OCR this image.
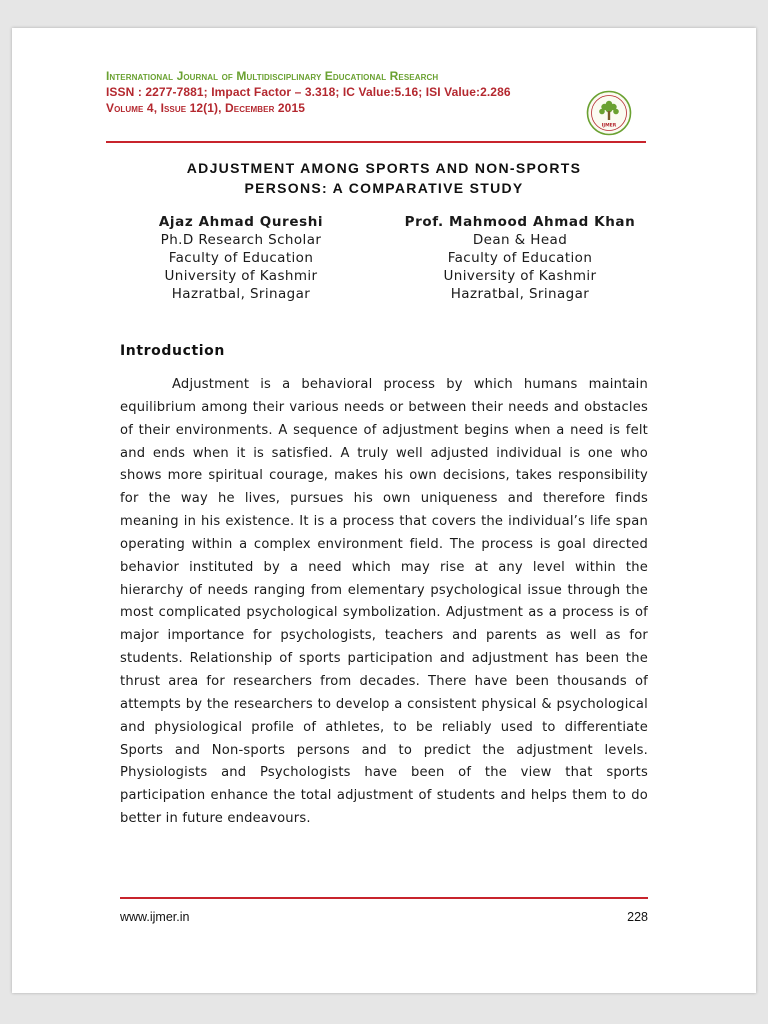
International Journal of Multidisciplinary Educational Research
ISSN : 2277-7881; Impact Factor – 3.318; IC Value:5.16; ISI Value:2.286
Volume 4, Issue 12(1), December 2015
IJMER
ADJUSTMENT AMONG SPORTS AND NON-SPORTS
PERSONS: A COMPARATIVE STUDY
Ajaz Ahmad Qureshi
Ph.D Research Scholar
Faculty of Education
University of Kashmir
Hazratbal, Srinagar
Prof. Mahmood Ahmad Khan
Dean & Head
Faculty of Education
University of Kashmir
Hazratbal, Srinagar
Introduction

Adjustment is a behavioral process by which humans maintain equilibrium among their various needs or between their needs and obstacles of their environments. A sequence of adjustment begins when a need is felt and ends when it is satisfied. A truly well adjusted individual is one who shows more spiritual courage, makes his own decisions, takes responsibility for the way he lives, pursues his own uniqueness and therefore finds meaning in his existence. It is a process that covers the individual’s life span operating within a complex environment field. The process is goal directed behavior instituted by a need which may rise at any level within the hierarchy of needs ranging from elementary psychological issue through the most complicated psychological symbolization. Adjustment as a process is of major importance for psychologists, teachers and parents as well as for students. Relationship of sports participation and adjustment has been the thrust area for researchers from decades. There have been thousands of attempts by the researchers to develop a consistent physical & psychological and physiological profile of athletes, to be reliably used to differentiate Sports and Non-sports persons and to predict the adjustment levels. Physiologists and Psychologists have been of the view that sports participation enhance the total adjustment of students and helps them to do better in future endeavours.

www.ijmer.in	228
